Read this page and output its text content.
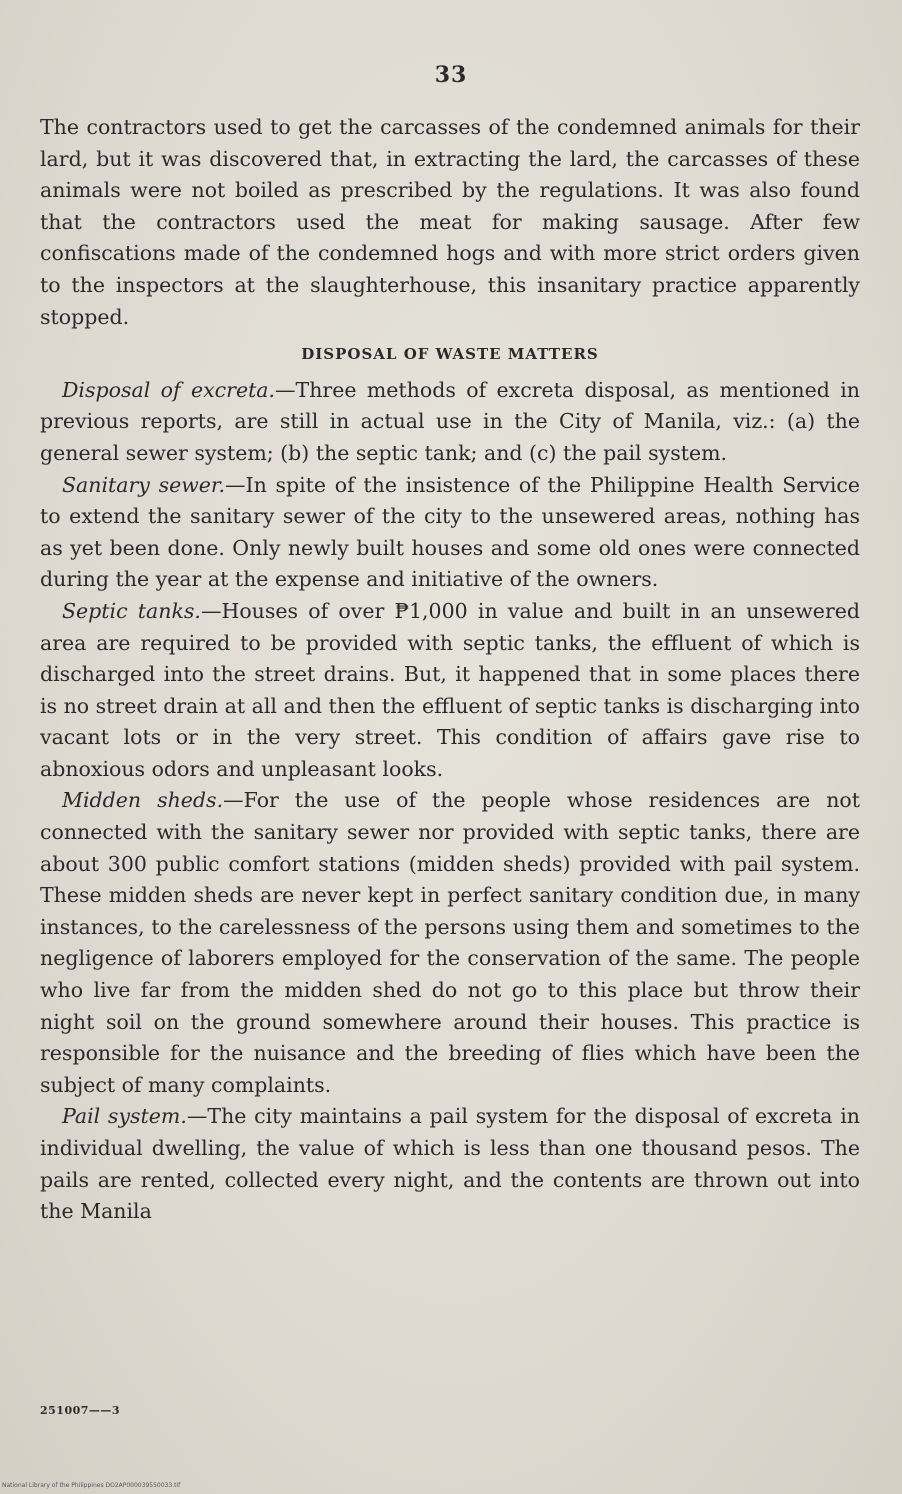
33

The contractors used to get the carcasses of the condemned animals for their lard, but it was discovered that, in extracting the lard, the carcasses of these animals were not boiled as prescribed by the regulations. It was also found that the contractors used the meat for making sausage. After few confiscations made of the condemned hogs and with more strict orders given to the inspectors at the slaughterhouse, this insanitary practice apparently stopped.

DISPOSAL OF WASTE MATTERS

Disposal of excreta.—Three methods of excreta disposal, as mentioned in previous reports, are still in actual use in the City of Manila, viz.: (a) the general sewer system; (b) the septic tank; and (c) the pail system.

Sanitary sewer.—In spite of the insistence of the Philippine Health Service to extend the sanitary sewer of the city to the unsewered areas, nothing has as yet been done. Only newly built houses and some old ones were connected during the year at the expense and initiative of the owners.

Septic tanks.—Houses of over ₱1,000 in value and built in an unsewered area are required to be provided with septic tanks, the effluent of which is discharged into the street drains. But, it happened that in some places there is no street drain at all and then the effluent of septic tanks is discharging into vacant lots or in the very street. This condition of affairs gave rise to abnoxious odors and unpleasant looks.

Midden sheds.—For the use of the people whose residences are not connected with the sanitary sewer nor provided with septic tanks, there are about 300 public comfort stations (midden sheds) provided with pail system. These midden sheds are never kept in perfect sanitary condition due, in many instances, to the carelessness of the persons using them and sometimes to the negligence of laborers employed for the conservation of the same. The people who live far from the midden shed do not go to this place but throw their night soil on the ground somewhere around their houses. This practice is responsible for the nuisance and the breeding of flies which have been the subject of many complaints.

Pail system.—The city maintains a pail system for the disposal of excreta in individual dwelling, the value of which is less than one thousand pesos. The pails are rented, collected every night, and the contents are thrown out into the Manila

251007——3
National Library of the Philippines DO2AP000039550033.tif
